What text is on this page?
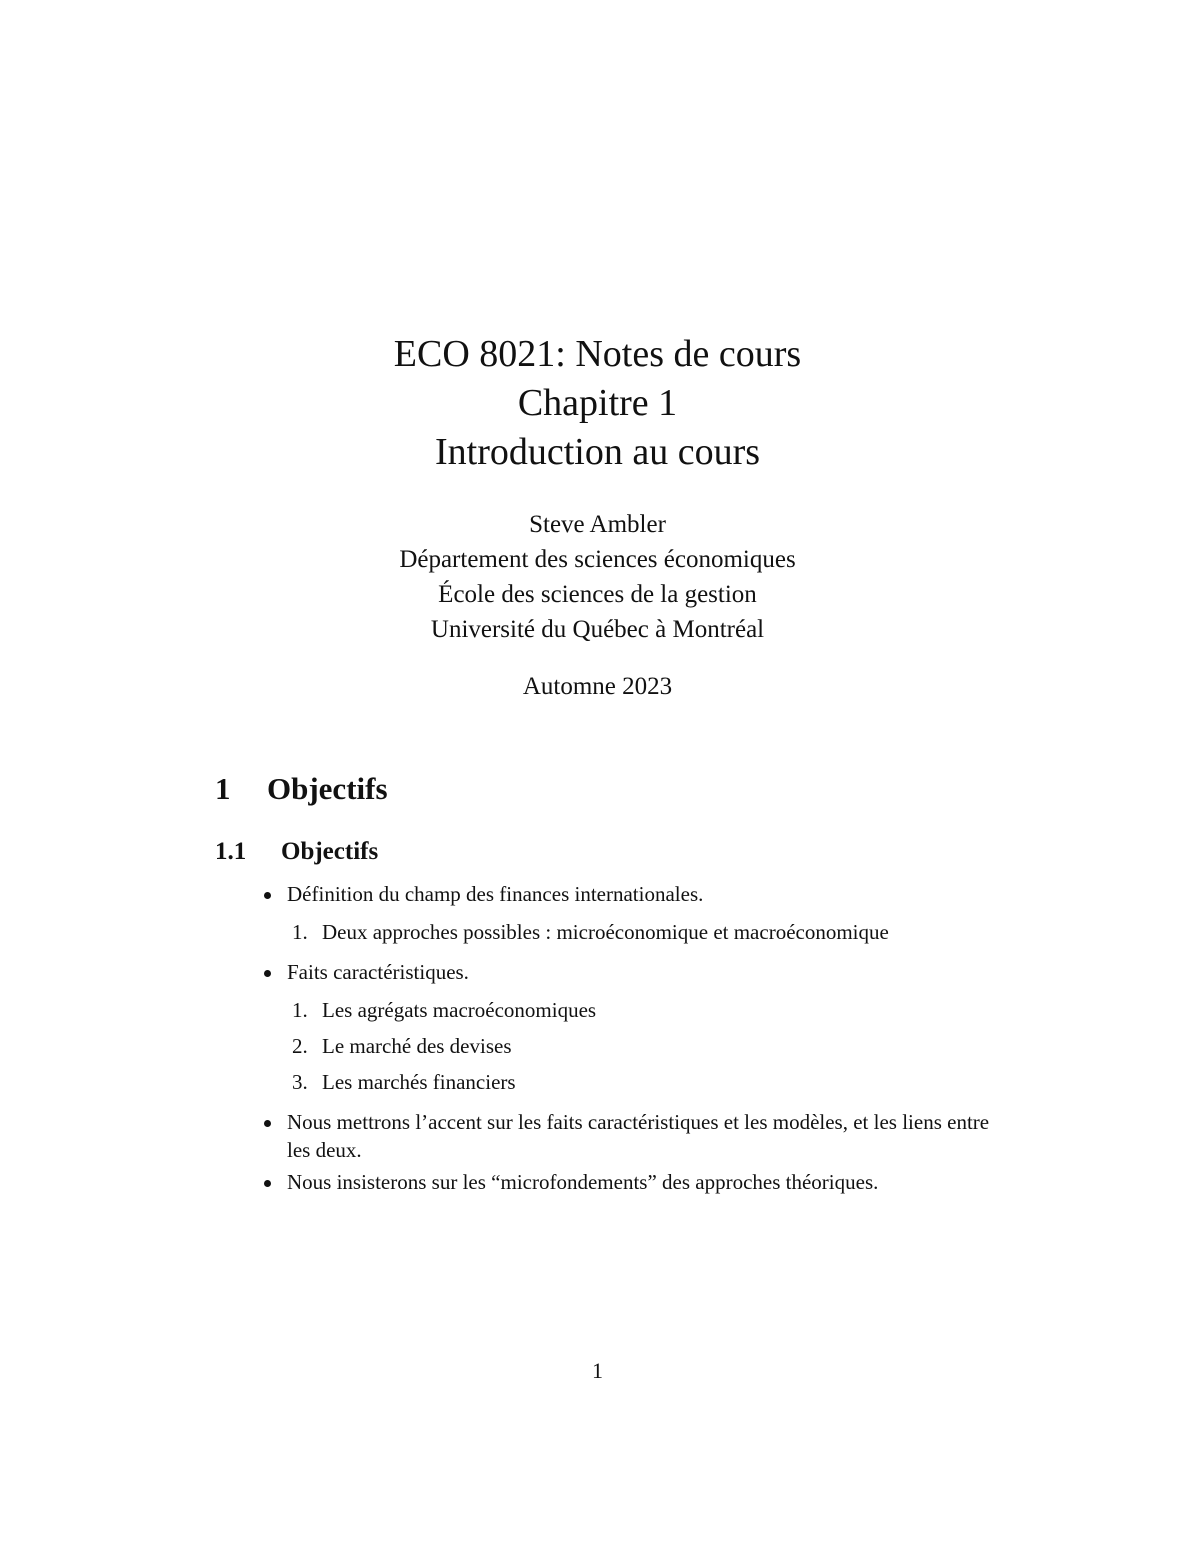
ECO 8021: Notes de cours

Chapitre 1

Introduction au cours

Steve Ambler

Département des sciences économiques

École des sciences de la gestion

Université du Québec à Montréal

Automne 2023
1 Objectifs
1.1 Objectifs
Définition du champ des finances internationales.
1. Deux approches possibles : microéconomique et macroéconomique
Faits caractéristiques.
1. Les agrégats macroéconomiques
2. Le marché des devises
3. Les marchés financiers
Nous mettrons l’accent sur les faits caractéristiques et les modèles, et les liens entre les deux.
Nous insisterons sur les “microfondements” des approches théoriques.
1
